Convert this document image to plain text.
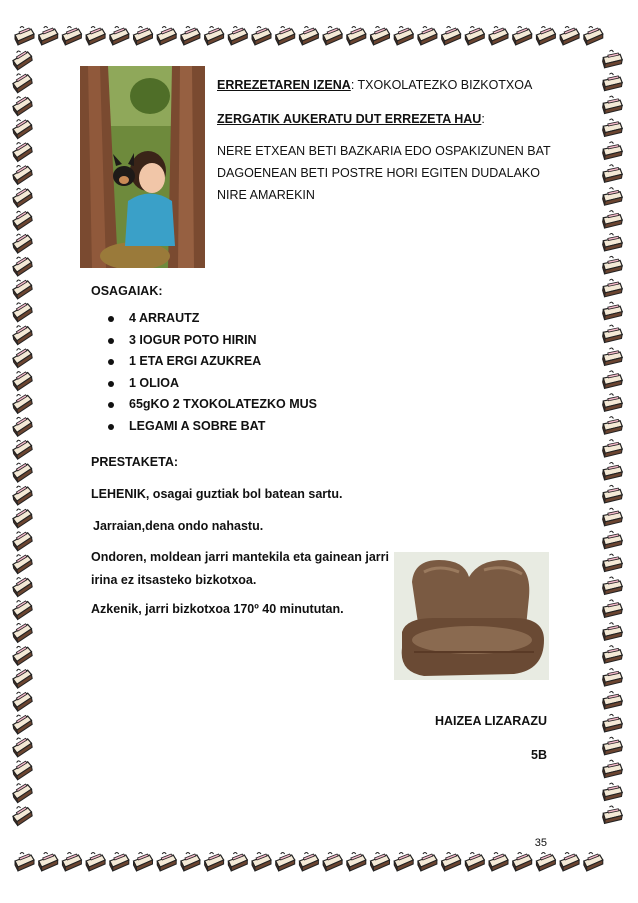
ERREZETAREN IZENA: TXOKOLATEZKO BIZKOTXOA
ZERGATIK AUKERATU DUT ERREZETA HAU:
NERE ETXEAN BETI BAZKARIA EDO OSPAKIZUNEN BAT DAGOENEAN BETI POSTRE HORI EGITEN DUDALAKO NIRE AMAREKIN
OSAGAIAK:
4 ARRAUTZ
3 IOGUR POTO HIRIN
1 ETA ERGI AZUKREA
1 OLIOA
65gKO 2 TXOKOLATEZKO MUS
LEGAMI A SOBRE BAT
PRESTAKETA:
LEHENIK, osagai guztiak bol batean sartu.
Jarraian,dena ondo nahastu.
Ondoren, moldean jarri mantekila eta gainean jarri irina ez itsasteko bizkotxoa.
Azkenik, jarri bizkotxoa 170º 40 minututan.
HAIZEA LIZARAZU
5B
35
